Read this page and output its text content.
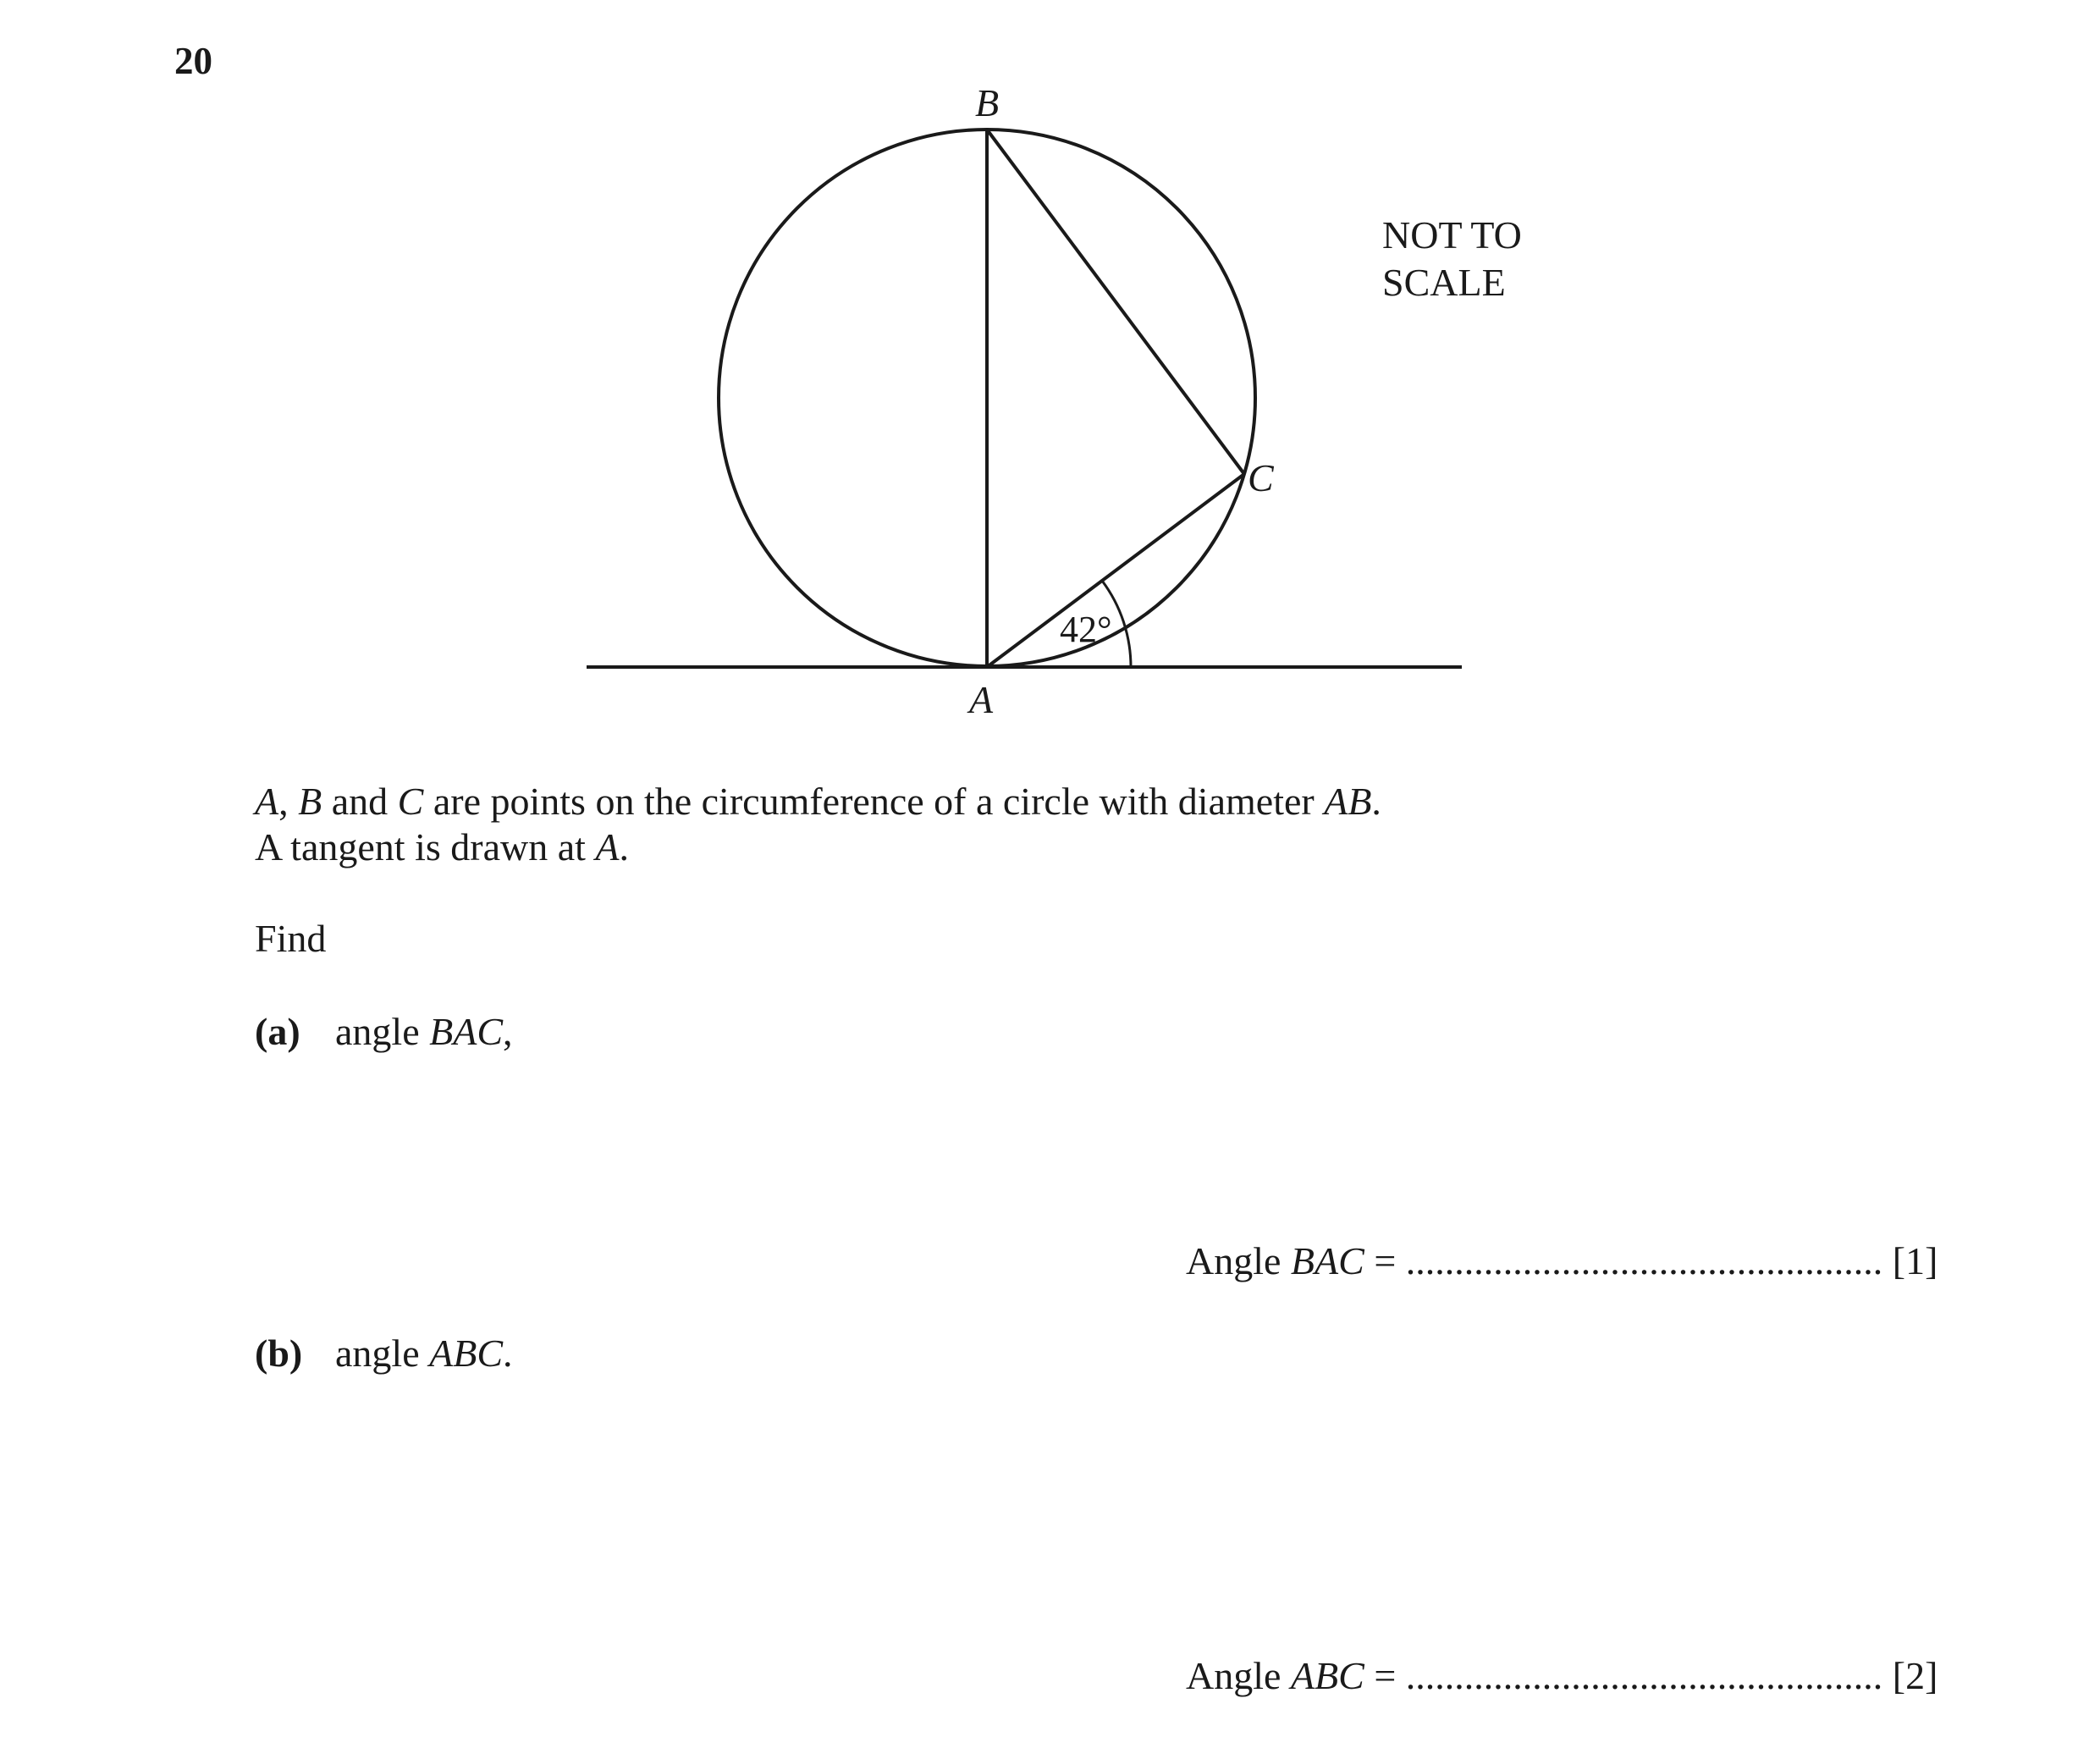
20
B
C
A
42°
NOT TO
SCALE
A, B and C are points on the circumference of a circle with diameter AB.
A tangent is drawn at A.
Find
(a) angle BAC,
Angle BAC = ................................................. [1]
(b) angle ABC.
Angle ABC = ................................................. [2]
